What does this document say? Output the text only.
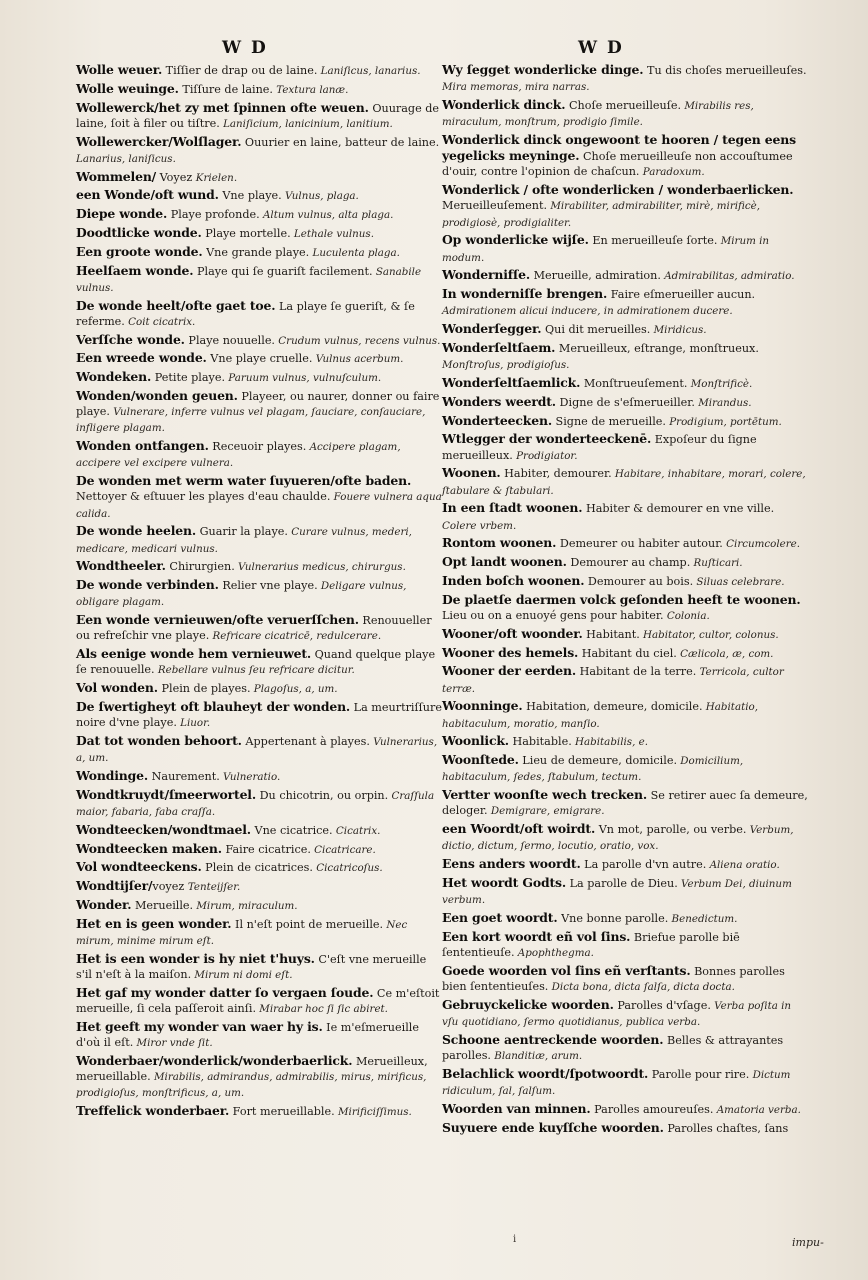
W D	W D
Wolle weuer. Tiſſier de drap ou de laine. Laniſicus, lanarius.
Wolle weuinge. Tiſſure de laine. Textura lanæ.
Wollewerck/het zy met ſpinnen ofte weuen. Ouurage de laine, ſoit à filer ou tiſtre. Laniſicium, lanicinium, lanitium.
Wollewercker/Wolſlager. Ouurier en laine, batteur de laine. Lanarius, laniſicus.
Wommelen/ Voyez Krielen.
een Wonde/oft wund. Vne playe. Vulnus, plaga.
Diepe wonde. Playe profonde. Altum vulnus, alta plaga.
Doodtlicke wonde. Playe mortelle. Lethale vulnus.
Een groote wonde. Vne grande playe. Luculenta plaga.
Heelſaem wonde. Playe qui ſe guariſt facilement. Sanabile vulnus.
De wonde heelt/ofte gaet toe. La playe ſe gueriſt, & ſe referme. Coit cicatrix.
Verſſche wonde. Playe nouuelle. Crudum vulnus, recens vulnus.
Een wreede wonde. Vne playe cruelle. Vulnus acerbum.
Wondeken. Petite playe. Paruum vulnus, vulnuſculum.
Wonden/wonden geuen. Playeer, ou naurer, donner ou faire playe. Vulnerare, inferre vulnus vel plagam, ſauciare, conſauciare, infligere plagam.
Wonden ontfangen. Receuoir playes. Accipere plagam, accipere vel excipere vulnera.
De wonden met werm water ſuyueren/ofte baden. Nettoyer & eſtuuer les playes d'eau chaulde. Fouere vulnera aqua calida.
De wonde heelen. Guarir la playe. Curare vulnus, mederi, medicare, medicari vulnus.
Wondtheeler. Chirurgien. Vulnerarius medicus, chirurgus.
De wonde verbinden. Relier vne playe. Deligare vulnus, obligare plagam.
Een wonde vernieuwen/ofte veruerſſchen. Renouueller ou refreſchir vne playe. Refricare cicatricē, redulcerare.
Als eenige wonde hem vernieuwet. Quand quelque playe ſe renouuelle. Rebellare vulnus ſeu refricare dicitur.
Vol wonden. Plein de playes. Plagoſus, a, um.
De ſwertigheyt oft blauheyt der wonden. La meurtriſſure noire d'vne playe. Liuor.
Dat tot wonden behoort. Appertenant à playes. Vulnerarius, a, um.
Wondinge. Naurement. Vulneratio.
Wondtkruydt/ſmeerwortel. Du chicotrin, ou orpin. Craſſula maior, fabaria, faba craſſa.
Wondteecken/wondtmael. Vne cicatrice. Cicatrix.
Wondteecken maken. Faire cicatrice. Cicatricare.
Vol wondteeckens. Plein de cicatrices. Cicatricoſus.
Wondtijſer/voyez Tenteijſer.
Wonder. Merueille. Mirum, miraculum.
Het en is geen wonder. Il n'eſt point de merueille. Nec mirum, minime mirum eſt.
Het is een wonder is hy niet t'huys. C'eſt vne merueille s'il n'eſt à la maiſon. Mirum ni domi eſt.
Het gaf my wonder datter ſo vergaen ſoude. Ce m'eſtoit merueille, ſi cela paſſeroit ainſi. Mirabar hoc ſi ſic abiret.
Het geeft my wonder van waer hy is. Ie m'eſmerueille d'où il eſt. Miror vnde ſit.
Wonderbaer/wonderlick/wonderbaerlick. Merueilleux, merueillable. Mirabilis, admirandus, admirabilis, mirus, mirificus, prodigioſus, monſtrificus, a, um.
Treffelick wonderbaer. Fort merueillable. Mirificiſſimus.
Wy ſegget wonderlicke dinge. Tu dis choſes merueilleuſes. Mira memoras, mira narras.
Wonderlick dinck. Choſe merueilleuſe. Mirabilis res, miraculum, monſtrum, prodigio ſimile.
Wonderlick dinck ongewoont te hooren / tegen eens yegelicks meyninge. Choſe merueilleuſe non accouſtumee d'ouir, contre l'opinion de chaſcun. Paradoxum.
Wonderlick / ofte wonderlicken / wonderbaerlicken. Merueilleuſement. Mirabiliter, admirabiliter, mirè, mirificè, prodigiosè, prodigialiter.
Op wonderlicke wijſe. En merueilleuſe ſorte. Mirum in modum.
Wondernifſe. Merueille, admiration. Admirabilitas, admiratio.
In wonderniſſe brengen. Faire eſmerueiller aucun. Admirationem alicui inducere, in admirationem ducere.
Wonderſegger. Qui dit merueilles. Miridicus.
Wonderſeltſaem. Merueilleux, eſtrange, monſtrueux. Monſtroſus, prodigioſus.
Wonderſeltſaemlick. Monſtrueuſement. Monſtrificè.
Wonders weerdt. Digne de s'eſmerueiller. Mirandus.
Wonderteecken. Signe de merueille. Prodigium, portētum.
Wtlegger der wonderteeckenē. Expoſeur du ſigne merueilleux. Prodigiator.
Woonen. Habiter, demourer. Habitare, inhabitare, morari, colere, ſtabulare & ſtabulari.
In een ſtadt woonen. Habiter & demourer en vne ville. Colere vrbem.
Rontom woonen. Demeurer ou habiter autour. Circumcolere.
Opt landt woonen. Demourer au champ. Ruſticari.
Inden boſch woonen. Demourer au bois. Siluas celebrare.
De plaetſe daermen volck geſonden heeft te woonen. Lieu ou on a enuoyé gens pour habiter. Colonia.
Wooner/oft woonder. Habitant. Habitator, cultor, colonus.
Wooner des hemels. Habitant du ciel. Cælicola, æ, com.
Wooner der eerden. Habitant de la terre. Terricola, cultor terræ.
Woonninge. Habitation, demeure, domicile. Habitatio, habitaculum, moratio, manſio.
Woonlick. Habitable. Habitabilis, e.
Woonſtede. Lieu de demeure, domicile. Domicilium, habitaculum, ſedes, ſtabulum, tectum.
Vertter woonſte wech trecken. Se retirer auec ſa demeure, deloger. Demigrare, emigrare.
een Woordt/oft woirdt. Vn mot, parolle, ou verbe. Verbum, dictio, dictum, ſermo, locutio, oratio, vox.
Eens anders woordt. La parolle d'vn autre. Aliena oratio.
Het woordt Godts. La parolle de Dieu. Verbum Dei, diuinum verbum.
Een goet woordt. Vne bonne parolle. Benedictum.
Een kort woordt eñ vol ſins. Briefue parolle biē ſententieuſe. Apophthegma.
Goede woorden vol ſins eñ verſtants. Bonnes parolles bien ſententieuſes. Dicta bona, dicta ſalſa, dicta docta.
Gebruyckelicke woorden. Parolles d'vſage. Verba poſita in vſu quotidiano, ſermo quotidianus, publica verba.
Schoone aentreckende woorden. Belles & attrayantes parolles. Blanditiæ, arum.
Belachlick woordt/ſpotwoordt. Parolle pour rire. Dictum ridiculum, ſal, ſalſum.
Woorden van minnen. Parolles amoureuſes. Amatoria verba.
Suyuere ende kuyſſche woorden. Parolles chaſtes, ſans
ⅰ	impu-
